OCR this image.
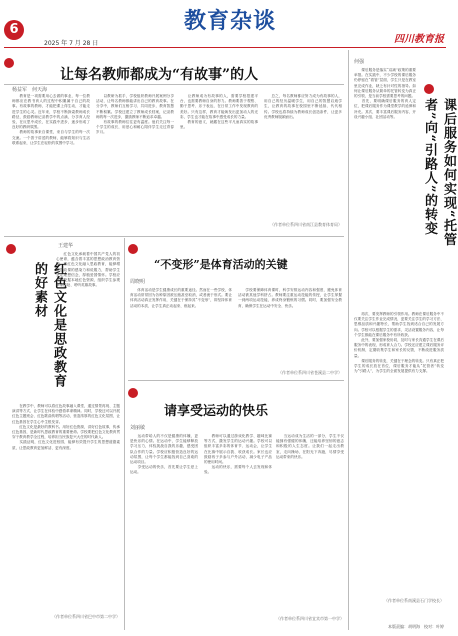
6	教育杂谈
2025 年 7 月 28 日	四川教育报
让每名教师都成为“有故事”的人
杨益军　何天海
　　教育是一项需要用心去做的事业，每一位教师都应在教书育人的过程中积累属于自己的故事。有故事的教师，才能把课上得生动，才能走进学生的心灵。近年来，学校不断探索教师成长路径，鼓励教师记录教学中的点滴，分享育人经验，在反思中成长，在实践中进步，逐步形成了良好的教研氛围。
　　教师的故事来自课堂，来自与学生的每一次交流。一个善于讲述的教师，能够将知识与生活联系起来，让学生在轻松的氛围中学习。
　　以教研为抓手，学校组织教师开展案例分享活动，让每名教师都能讲出自己的教育故事。在分享中，教师们互相学习、共同进步，教育智慧不断积累。学校还建立了教师成长档案，记录教师的每一次进步，激励教师不断追求卓越。
　　有故事的教师往往更有温度。他们关注每一个学生的成长，用爱心和耐心陪伴学生走过青春岁月。
　　让教师成为有故事的人，需要学校搭建平台，也需要教师自身的努力。教师要善于观察、勤于思考、乐于表达，在日常工作中发现教育的美好。只有这样，教育才能焕发出更加动人的光彩，学生也才能在故事中感受成长的力量。
　　教育的意义，就藏在这些平凡而真实的故事里。
　　总之，每名教师都应努力成为有故事的人，用自己的经历温暖学生，用自己的智慧启迪学生，让教育的故事在校园里不断延续、代代相传。学校也将持续为教师成长创造条件，让更多优秀教师脱颖而出。
（作者单位系四川省南江县教育体育局）	课后服务如何实现“托管者”向“引路人”的转变
何强
　　课后服务是落实“双减”政策的重要举措。在实践中，不少学校的课后服务仍停留在“看管”层面，学生只是在教室里完成作业，缺乏有针对性的指导。如何让课后服务从简单的托管转变为真正的引领，是当前学校需要思考的问题。
　　首先，要明确课后服务的育人定位，把课后服务作为课堂教学的延伸和补充。其次，要丰富课后服务内容，开设兴趣小组、社团活动等。
　　再次，要发挥教师的引领作用。教师在课后服务中不仅要关注学生作业完成情况，更要关注学生的学习方法、思维品质和兴趣特长，帮助学生找到适合自己的发展方向。学校可以根据学生的需求，灵活设置服务内容，让每个学生都能在课后服务中有所收获。
　　此外，要加强家校协同，及时与家长沟通学生在课后服务中的表现，形成育人合力。学校还应建立课后服务评价机制，定期收集学生和家长的反馈，不断改进服务质量。
　　课后服务的转变，关键在于理念的转变。只有真正把学生的成长放在首位，课后服务才能从“托管者”转变为“引路人”，为学生的全面发展提供有力支撑。
（作者单位系南溪县石门学校长）
红色文化是思政教育的好素材
王建华
　　红色文化承载着中国共产党人的初心使命，蕴含着丰富的思想政治教育资源。将红色文化融入思政教育，能够增强思政课的感染力和说服力，帮助学生坚定理想信念，厚植爱国情怀。学校应充分挖掘本地红色资源，组织学生参观革命遗址、聆听英雄故事。
　　在教学中，教师可以将红色故事融入课堂，通过情景再现、主题演讲等方式，让学生在体验中感悟革命精神。同时，学校还可以开展红色主题班会、红色歌曲传唱等活动，营造浓厚的红色文化氛围，让红色基因在学生心中生根发芽。
　　红色文化是最好的教科书。用好红色资源，讲好红色故事，传承红色基因，是新时代思政教育的重要使命。学校要把红色文化教育贯穿于教育教学全过程，培养担当民族复兴大任的时代新人。
　　实践证明，红色文化进校园，能够有效提升学生的思想道德素质，让思政教育更加鲜活、更有深度。
（作者单位系四川省巴中市第二中学）
“不变形”是体育活动的关键
周晓明
　　体育活动是学生健康成长的重要途径。然而在一些学校，体育活动常常因为各种原因被压缩甚至取消，或者流于形式。要让体育活动真正发挥作用，关键在于保持其“不变形”，即坚持体育活动的本质，让学生真正动起来、练起来。
　　学校要保障体育课时，科学安排运动内容和强度，避免体育活动被其他学科挤占。教师要注重运动技能的传授，让学生掌握一到两项运动技能，养成终身锻炼的习惯。同时，要加强安全教育，确保学生在运动中安全、快乐。
（作者单位系四川省苍溪县二中学）
请享受运动的快乐
刘丽敏
　　运动带给人的不仅是健康的体魄，更是快乐的心情。在运动中，学生能够释放学习压力，体验挑战自我的乐趣，感受团队合作的力量。学校应积极营造良好的运动氛围，让每个学生都能找到自己喜欢的运动项目。
　　享受运动的快乐，首先要让学生爱上运动。
　　教师可以通过游戏化教学、趣味比赛等方式，激发学生的运动兴趣。学校可以组织丰富多彩的体育节、运动会，让学生在比赛中展示自我、收获成长。家长也应鼓励孩子多参与户外活动，减少电子产品的使用时间。
　　运动的快乐，需要每个人去发现和体验。
　　当运动成为生活的一部分，学生不仅能拥有强健的体魄，还能培养坚韧的意志和积极的人生态度。让我们一起走出教室，走向操场，在阳光下奔跑，尽情享受运动带来的快乐。
（作者单位系四川省宜宾市第一中学）
本版责编：胡明海　校对：叶婷
